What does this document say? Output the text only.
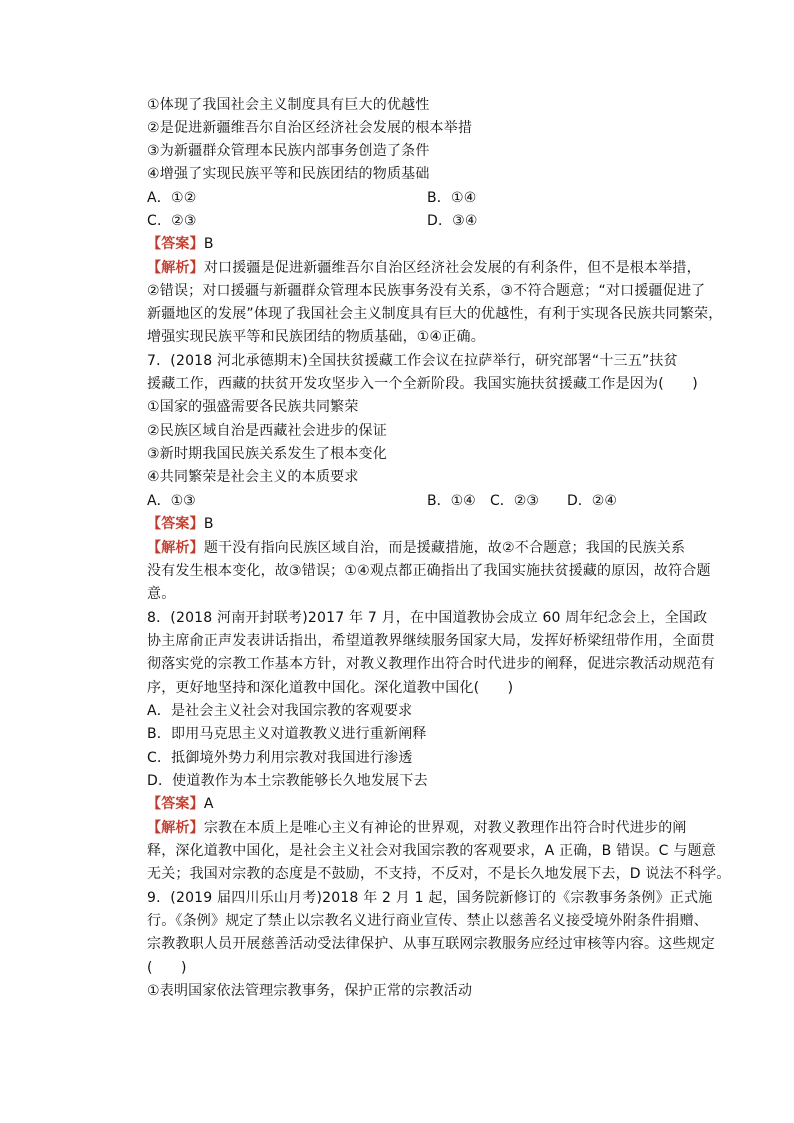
①体现了我国社会主义制度具有巨大的优越性
②是促进新疆维吾尔自治区经济社会发展的根本举措
③为新疆群众管理本民族内部事务创造了条件
④增强了实现民族平等和民族团结的物质基础
A．①②	B．①④
C．②③	D．③④
【答案】B
【解析】对口援疆是促进新疆维吾尔自治区经济社会发展的有利条件，但不是根本举措，
②错误；对口援疆与新疆群众管理本民族事务没有关系，③不符合题意；“对口援疆促进了
新疆地区的发展”体现了我国社会主义制度具有巨大的优越性，有利于实现各民族共同繁荣，
增强实现民族平等和民族团结的物质基础，①④正确。
7．(2018 河北承德期末)全国扶贫援藏工作会议在拉萨举行，研究部署“十三五”扶贫
援藏工作，西藏的扶贫开发攻坚步入一个全新阶段。我国实施扶贫援藏工作是因为(　　)
①国家的强盛需要各民族共同繁荣
②民族区域自治是西藏社会进步的保证
③新时期我国民族关系发生了根本变化
④共同繁荣是社会主义的本质要求
A．①③	B．①④ C．②③ D．②④
【答案】B
【解析】题干没有指向民族区域自治，而是援藏措施，故②不合题意；我国的民族关系
没有发生根本变化，故③错误；①④观点都正确指出了我国实施扶贫援藏的原因，故符合题
意。
8．(2018 河南开封联考)2017 年 7 月，在中国道教协会成立 60 周年纪念会上，全国政
协主席俞正声发表讲话指出，希望道教界继续服务国家大局，发挥好桥梁纽带作用，全面贯
彻落实党的宗教工作基本方针，对教义教理作出符合时代进步的阐释，促进宗教活动规范有
序，更好地坚持和深化道教中国化。深化道教中国化(　　)
A．是社会主义社会对我国宗教的客观要求
B．即用马克思主义对道教教义进行重新阐释
C．抵御境外势力利用宗教对我国进行渗透
D．使道教作为本土宗教能够长久地发展下去
【答案】A
【解析】宗教在本质上是唯心主义有神论的世界观，对教义教理作出符合时代进步的阐
释，深化道教中国化，是社会主义社会对我国宗教的客观要求，A 正确，B 错误。C 与题意
无关；我国对宗教的态度是不鼓励，不支持，不反对，不是长久地发展下去，D 说法不科学。
9．(2019 届四川乐山月考)2018 年 2 月 1 起，国务院新修订的《宗教事务条例》正式施
行。《条例》规定了禁止以宗教名义进行商业宣传、禁止以慈善名义接受境外附条件捐赠、
宗教教职人员开展慈善活动受法律保护、从事互联网宗教服务应经过审核等内容。这些规定
(　　)
①表明国家依法管理宗教事务，保护正常的宗教活动
